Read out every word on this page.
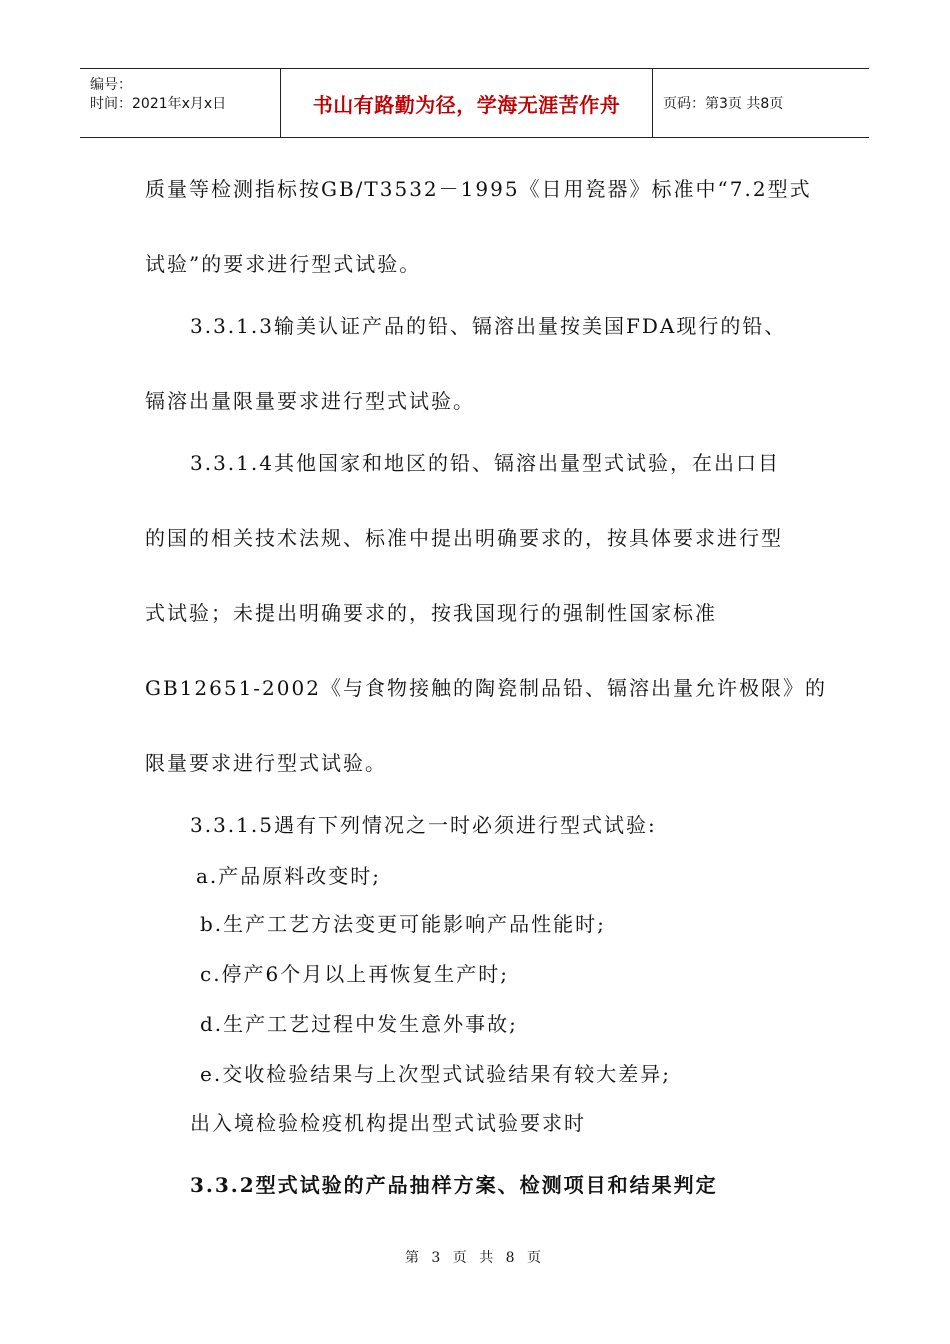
编号：
时间：2021年x月x日	书山有路勤为径，学海无涯苦作舟	页码：第3页 共8页
质量等检测指标按GB/T3532－1995《日用瓷器》标准中“7.2型式
试验”的要求进行型式试验。
3.3.1.3输美认证产品的铅、镉溶出量按美国FDA现行的铅、
镉溶出量限量要求进行型式试验。
3.3.1.4其他国家和地区的铅、镉溶出量型式试验，在出口目
的国的相关技术法规、标准中提出明确要求的，按具体要求进行型
式试验；未提出明确要求的，按我国现行的强制性国家标准
GB12651-2002《与食物接触的陶瓷制品铅、镉溶出量允许极限》的
限量要求进行型式试验。
3.3.1.5遇有下列情况之一时必须进行型式试验:
a.产品原料改变时;
b.生产工艺方法变更可能影响产品性能时;
c.停产6个月以上再恢复生产时;
d.生产工艺过程中发生意外事故;
e.交收检验结果与上次型式试验结果有较大差异;
出入境检验检疫机构提出型式试验要求时
3.3.2型式试验的产品抽样方案、检测项目和结果判定
第 3 页 共 8 页
